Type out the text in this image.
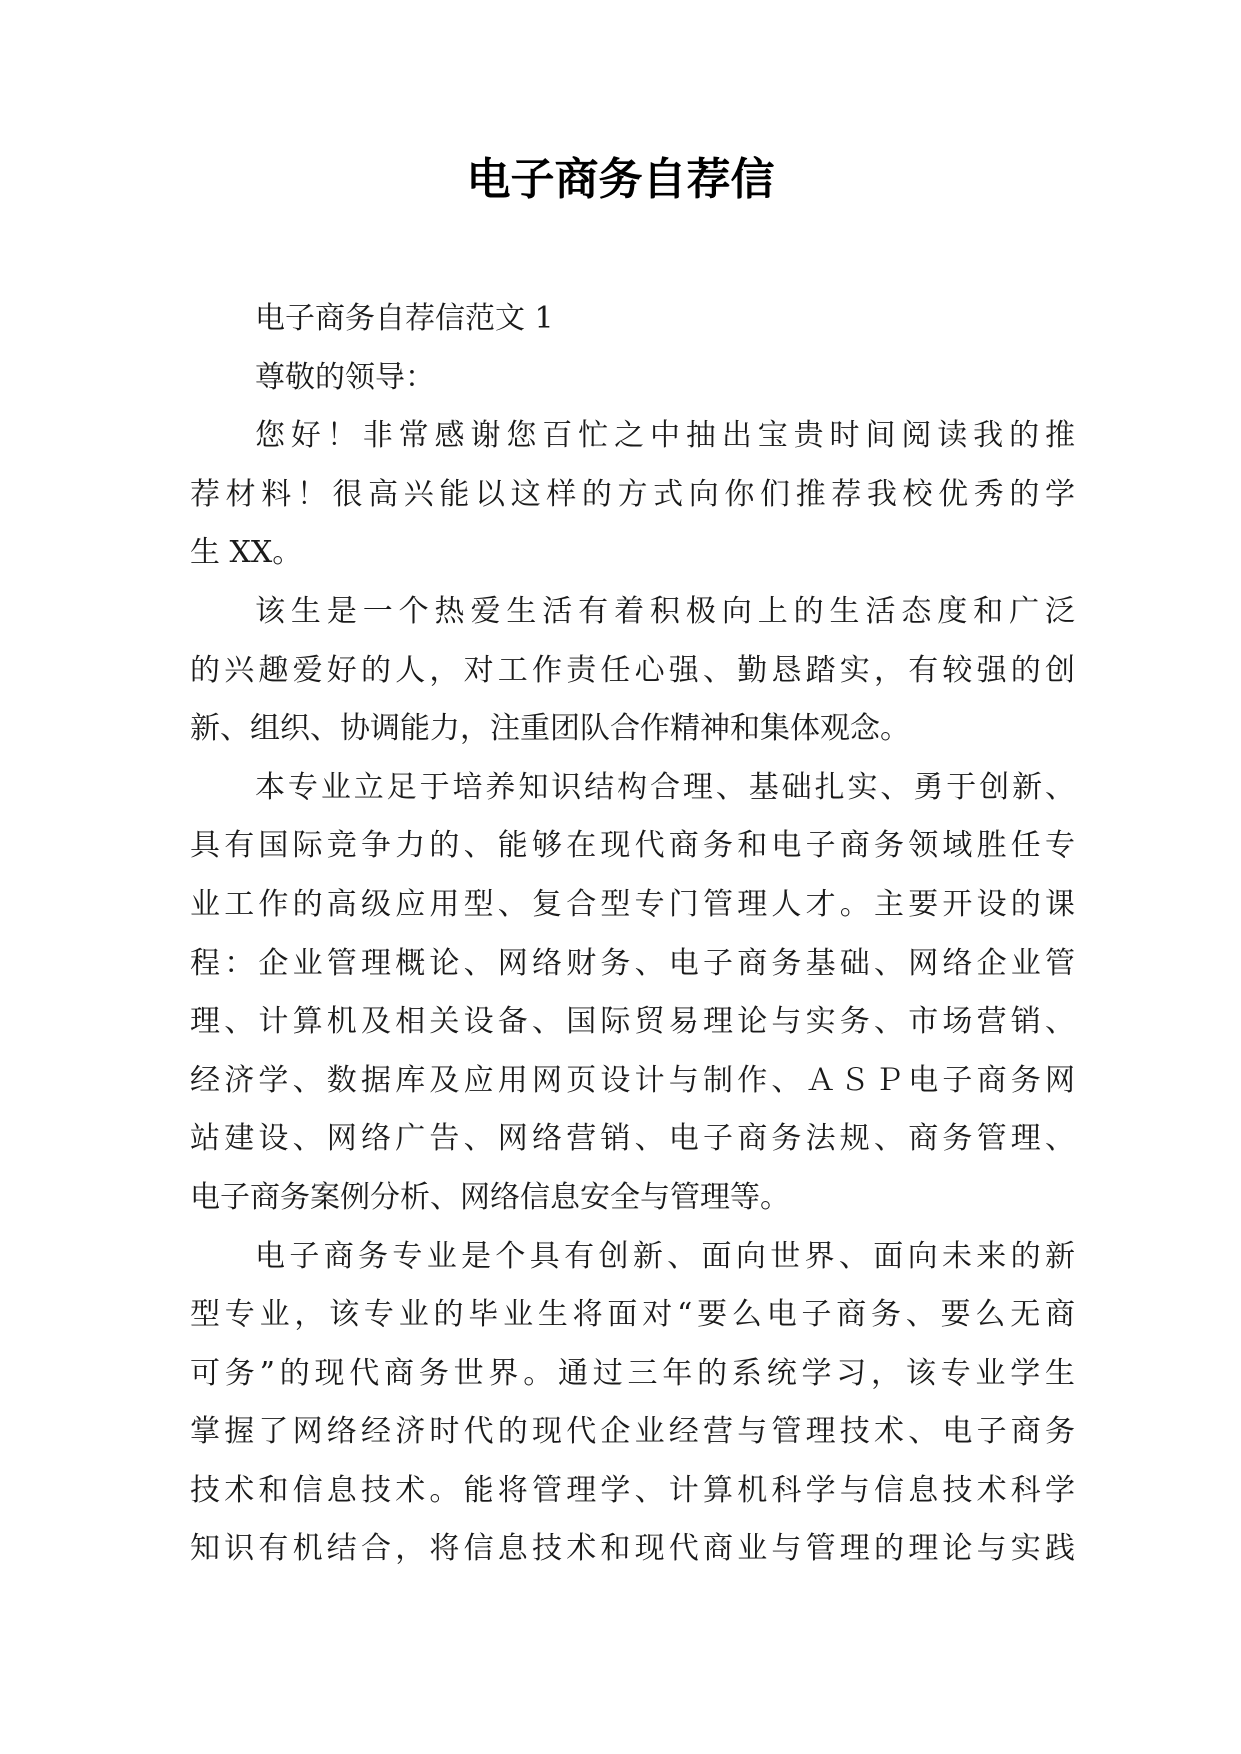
电子商务自荐信
电子商务自荐信范文 1
尊敬的领导：
您好！非常感谢您百忙之中抽出宝贵时间阅读我的推
荐材料！很高兴能以这样的方式向你们推荐我校优秀的学
生 XX。
该生是一个热爱生活有着积极向上的生活态度和广泛
的兴趣爱好的人，对工作责任心强、勤恳踏实，有较强的创
新、组织、协调能力，注重团队合作精神和集体观念。
本专业立足于培养知识结构合理、基础扎实、勇于创新、
具有国际竞争力的、能够在现代商务和电子商务领域胜任专
业工作的高级应用型、复合型专门管理人才。主要开设的课
程：企业管理概论、网络财务、电子商务基础、网络企业管
理、计算机及相关设备、国际贸易理论与实务、市场营销、
经济学、数据库及应用网页设计与制作、ＡＳＰ电子商务网
站建设、网络广告、网络营销、电子商务法规、商务管理、
电子商务案例分析、网络信息安全与管理等。
电子商务专业是个具有创新、面向世界、面向未来的新
型专业，该专业的毕业生将面对“要么电子商务、要么无商
可务”的现代商务世界。通过三年的系统学习，该专业学生
掌握了网络经济时代的现代企业经营与管理技术、电子商务
技术和信息技术。能将管理学、计算机科学与信息技术科学
知识有机结合，将信息技术和现代商业与管理的理论与实践
